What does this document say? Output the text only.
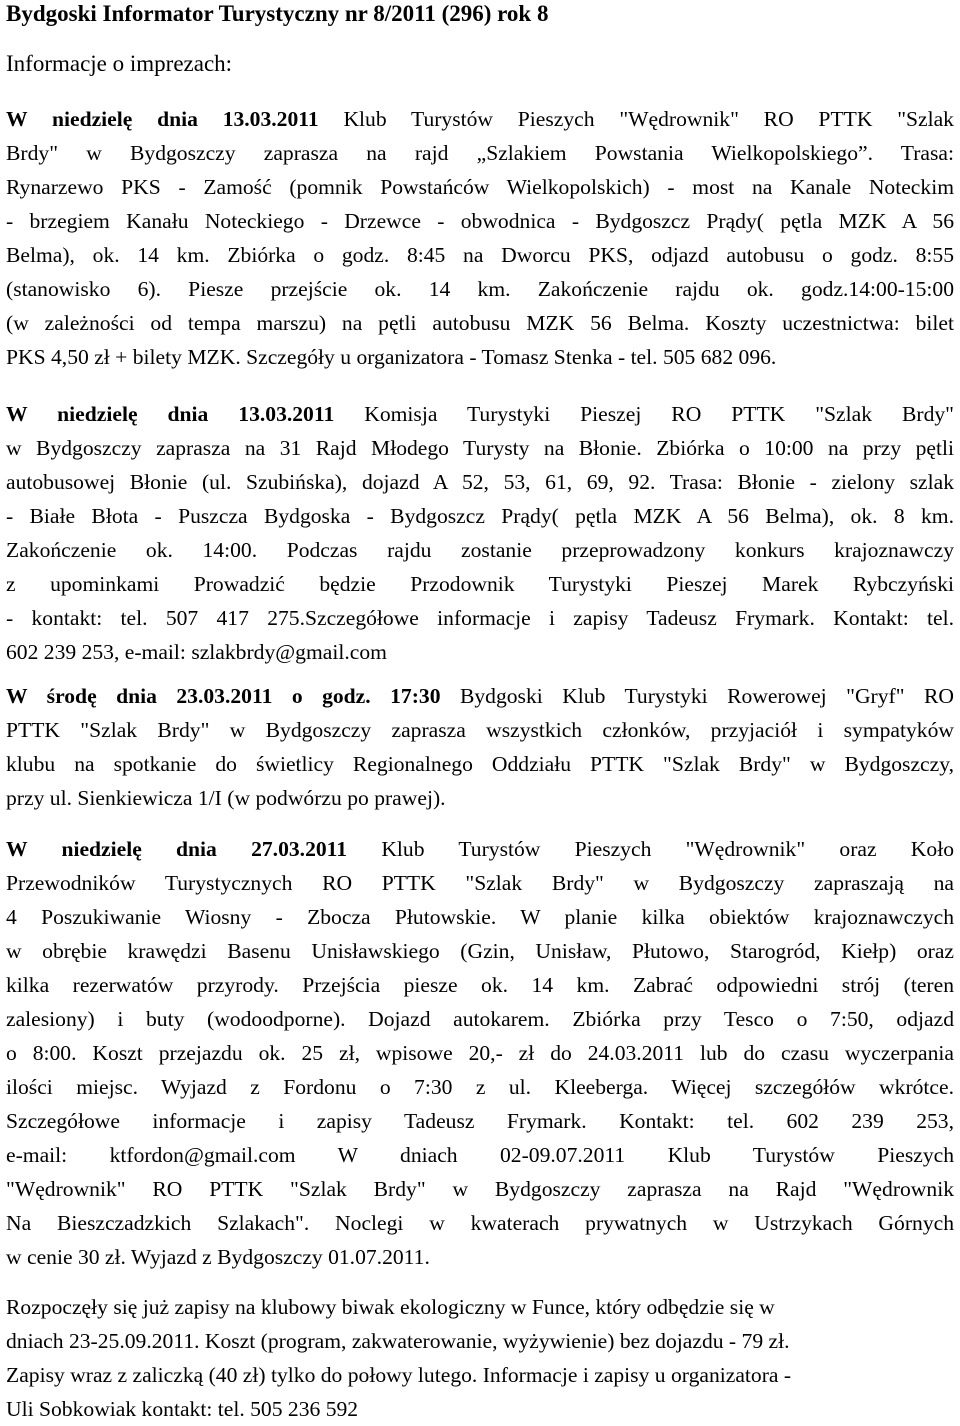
Bydgoski Informator Turystyczny nr 8/2011 (296) rok 8
Informacje o imprezach:
W niedzielę dnia 13.03.2011 Klub Turystów Pieszych "Wędrownik" RO PTTK "Szlak
Brdy" w Bydgoszczy zaprasza na rajd „Szlakiem Powstania Wielkopolskiego”. Trasa:
Rynarzewo PKS - Zamość (pomnik Powstańców Wielkopolskich) - most na Kanale Noteckim
- brzegiem Kanału Noteckiego - Drzewce - obwodnica - Bydgoszcz Prądy( pętla MZK A 56
Belma), ok. 14 km. Zbiórka o godz. 8:45 na Dworcu PKS, odjazd autobusu o godz. 8:55
(stanowisko 6). Piesze przejście ok. 14 km. Zakończenie rajdu ok. godz.14:00-15:00
(w zależności od tempa marszu) na pętli autobusu MZK 56 Belma. Koszty uczestnictwa: bilet
PKS 4,50 zł + bilety MZK. Szczegóły u organizatora - Tomasz Stenka - tel. 505 682 096.
W niedzielę dnia 13.03.2011 Komisja Turystyki Pieszej RO PTTK "Szlak Brdy"
w Bydgoszczy zaprasza na 31 Rajd Młodego Turysty na Błonie. Zbiórka o 10:00 na przy pętli
autobusowej Błonie (ul. Szubińska), dojazd A 52, 53, 61, 69, 92. Trasa: Błonie - zielony szlak
- Białe Błota - Puszcza Bydgoska - Bydgoszcz Prądy( pętla MZK A 56 Belma), ok. 8 km.
Zakończenie ok. 14:00. Podczas rajdu zostanie przeprowadzony konkurs krajoznawczy
z upominkami Prowadzić będzie Przodownik Turystyki Pieszej Marek Rybczyński
- kontakt: tel. 507 417 275.Szczegółowe informacje i zapisy Tadeusz Frymark. Kontakt: tel.
602 239 253, e-mail: szlakbrdy@gmail.com
W środę dnia 23.03.2011 o godz. 17:30 Bydgoski Klub Turystyki Rowerowej "Gryf" RO
PTTK "Szlak Brdy" w Bydgoszczy zaprasza wszystkich członków, przyjaciół i sympatyków
klubu na spotkanie do świetlicy Regionalnego Oddziału PTTK "Szlak Brdy" w Bydgoszczy,
przy ul. Sienkiewicza 1/I (w podwórzu po prawej).
W niedzielę dnia 27.03.2011 Klub Turystów Pieszych "Wędrownik" oraz Koło
Przewodników Turystycznych RO PTTK "Szlak Brdy" w Bydgoszczy zapraszają na
4 Poszukiwanie Wiosny - Zbocza Płutowskie. W planie kilka obiektów krajoznawczych
w obrębie krawędzi Basenu Unisławskiego (Gzin, Unisław, Płutowo, Starogród, Kiełp) oraz
kilka rezerwatów przyrody. Przejścia piesze ok. 14 km. Zabrać odpowiedni strój (teren
zalesiony) i buty (wodoodporne). Dojazd autokarem. Zbiórka przy Tesco o 7:50, odjazd
o 8:00. Koszt przejazdu ok. 25 zł, wpisowe 20,- zł do 24.03.2011 lub do czasu wyczerpania
ilości miejsc. Wyjazd z Fordonu o 7:30 z ul. Kleeberga. Więcej szczegółów wkrótce.
Szczegółowe informacje i zapisy Tadeusz Frymark. Kontakt: tel. 602 239 253,
e-mail: ktfordon@gmail.com W dniach 02-09.07.2011 Klub Turystów Pieszych
"Wędrownik" RO PTTK "Szlak Brdy" w Bydgoszczy zaprasza na Rajd "Wędrownik
Na Bieszczadzkich Szlakach". Noclegi w kwaterach prywatnych w Ustrzykach Górnych
w cenie 30 zł. Wyjazd z Bydgoszczy 01.07.2011.
Rozpoczęły się już zapisy na klubowy biwak ekologiczny w Funce, który odbędzie się w
dniach 23-25.09.2011. Koszt (program, zakwaterowanie, wyżywienie) bez dojazdu - 79 zł.
Zapisy wraz z zaliczką (40 zł) tylko do połowy lutego. Informacje i zapisy u organizatora -
Uli Sobkowiak kontakt: tel. 505 236 592
